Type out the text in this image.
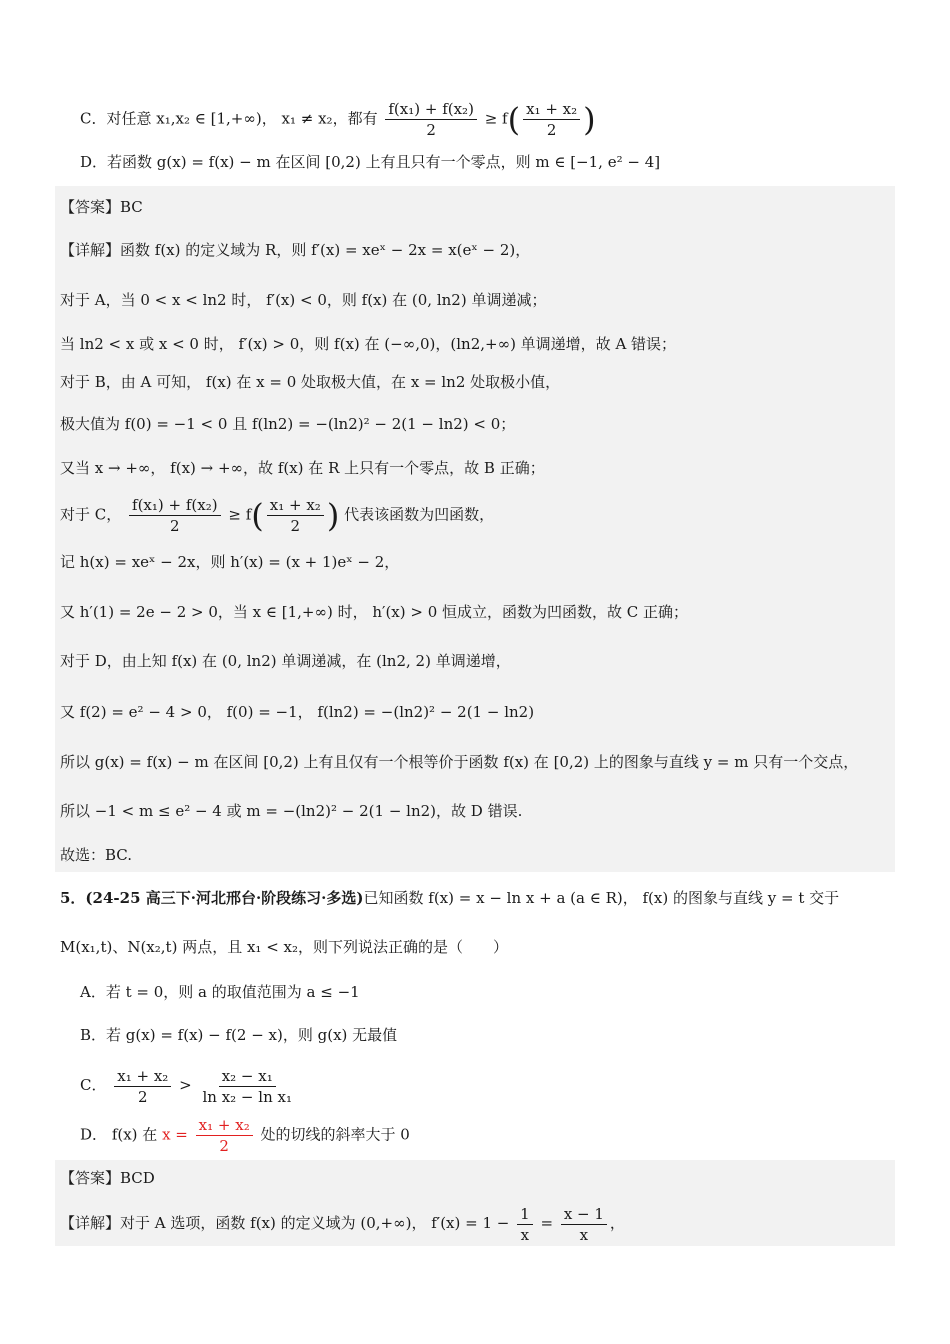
C．对任意 x₁,x₂ ∈ [1,+∞)， x₁ ≠ x₂，都有 $\frac{\text{f(x₁) + f(x₂)}}{2} \ge f( \frac{\text{x₁ + x₂}}{2}$ )
D．若函数 g(x) = f(x) − m 在区间 [0,2) 上有且只有一个零点，则 m ∈ [−1, e² − 4]
【答案】BC
【详解】函数 f(x) 的定义域为 R，则 f′(x) = xeˣ − 2x = x(eˣ − 2)，
对于 A，当 0 < x < ln2 时， f′(x) < 0，则 f(x) 在 (0, ln2) 单调递减；
当 ln2 < x 或 x < 0 时， f′(x) > 0，则 f(x) 在 (−∞,0)，(ln2,+∞) 单调递增，故 A 错误；
对于 B，由 A 可知， f(x) 在 x = 0 处取极大值，在 x = ln2 处取极小值，
极大值为 f(0) = −1 < 0 且 f(ln2) = −(ln2)² − 2(1 − ln2) < 0；
又当 x → +∞， f(x) → +∞，故 f(x) 在 R 上只有一个零点，故 B 正确；
对于 C， $\frac{\text{f(x₁) + f(x₂)}}{2} \ge f( \frac{\text{x₁ + x₂}}{2}$ ) 代表该函数为凹函数，
记 h(x) = xeˣ − 2x，则 h′(x) = (x + 1)eˣ − 2，
又 h′(1) = 2e − 2 > 0，当 x ∈ [1,+∞) 时， h′(x) > 0 恒成立，函数为凹函数，故 C 正确；
对于 D，由上知 f(x) 在 (0, ln2) 单调递减，在 (ln2, 2) 单调递增，
又 f(2) = e² − 4 > 0， f(0) = −1， f(ln2) = −(ln2)² − 2(1 − ln2)
所以 g(x) = f(x) − m 在区间 [0,2) 上有且仅有一个根等价于函数 f(x) 在 [0,2) 上的图象与直线 y = m 只有一个交点，
所以 −1 < m ≤ e² − 4 或 m = −(ln2)² − 2(1 − ln2)，故 D 错误.
故选：BC.
5．(24-25 高三下·河北邢台·阶段练习·多选)已知函数 f(x) = x − ln x + a (a ∈ R)， f(x) 的图象与直线 y = t 交于
M(x₁,t)、N(x₂,t) 两点，且 x₁ < x₂，则下列说法正确的是（　　）
A．若 t = 0，则 a 的取值范围为 a ≤ −1
B．若 g(x) = f(x) − f(2 − x)，则 g(x) 无最值
C． $\frac{\text{x₁ + x₂}}{2} > \frac{\text{x₂ − x₁}}{\text{ln x₂ − ln x₁}}$
D． f(x) 在 $x = \frac{\text{x₁ + x₂}}{2}$ 处的切线的斜率大于 0
【答案】BCD
【详解】对于 A 选项，函数 f(x) 的定义域为 (0,+∞)， $f'(x) = 1 - \frac{1}{x} = \frac{x - 1}{x}$ ，
